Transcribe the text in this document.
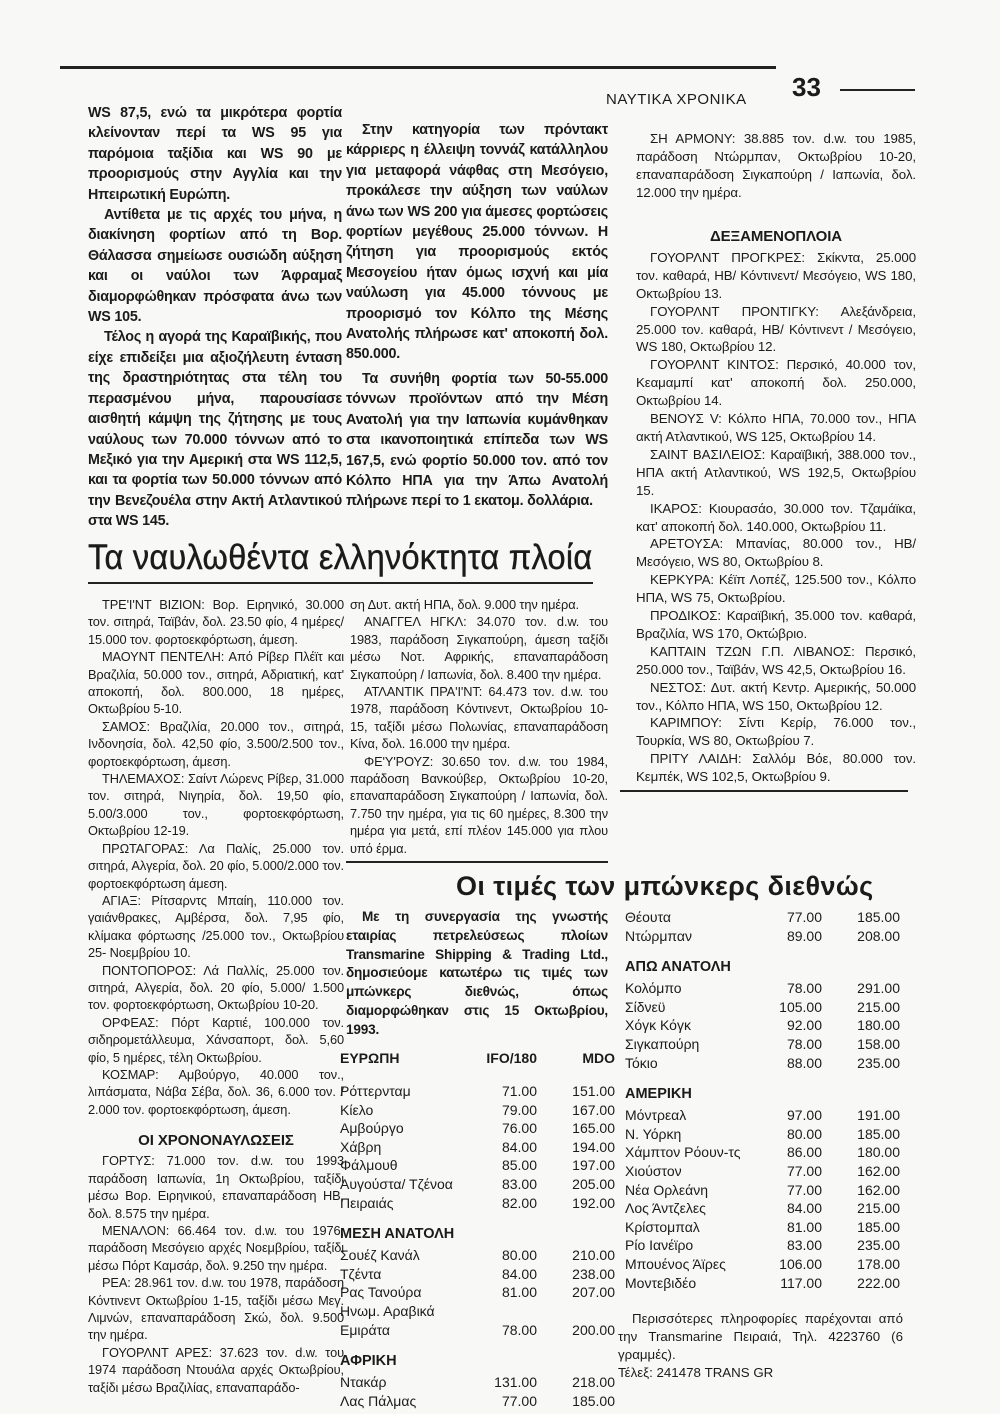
ΝΑΥΤΙΚΑ ΧΡΟΝΙΚΑ 33

WS 87,5, ενώ τα μικρότερα φορτία κλείνονταν περί τα WS 95 για παρόμοια ταξίδια και WS 90 με προορισμούς στην Αγγλία και την Ηπειρωτική Ευρώπη.

Αντίθετα με τις αρχές του μήνα, η διακίνηση φορτίων από τη Βορ. Θάλασσα σημείωσε ουσιώδη αύξηση και οι ναύλοι των Άφραμαξ διαμορφώθηκαν πρόσφατα άνω των WS 105.

Τέλος η αγορά της Καραϊβικής, που είχε επιδείξει μια αξιοζήλευτη ένταση της δραστηριότητας στα τέλη του περασμένου μήνα, παρουσίασε αισθητή κάμψη της ζήτησης με τους ναύλους των 70.000 τόννων από το Μεξικό για την Αμερική στα WS 112,5, και τα φορτία των 50.000 τόννων από την Βενεζουέλα στην Ακτή Ατλαντικού στα WS 145.

Στην κατηγορία των πρόντακτ κάρριερς η έλλειψη τοννάζ κατάλληλου για μεταφορά νάφθας στη Μεσόγειο, προκάλεσε την αύξηση των ναύλων άνω των WS 200 για άμεσες φορτώσεις φορτίων μεγέθους 25.000 τόννων. Η ζήτηση για προορισμούς εκτός Μεσογείου ήταν όμως ισχνή και μία ναύλωση για 45.000 τόννους με προορισμό τον Κόλπο της Μέσης Ανατολής πλήρωσε κατ' αποκοπή δολ. 850.000.

Τα συνήθη φορτία των 50-55.000 τόννων προϊόντων από την Μέση Ανατολή για την Ιαπωνία κυμάνθηκαν στα ικανοποιητικά επίπεδα των WS 167,5, ενώ φορτίο 50.000 τον. από τον Κόλπο ΗΠΑ για την Άπω Ανατολή πλήρωνε περί το 1 εκατομ. δολλάρια.

ΣΗ ΑΡΜΟΝΥ: 38.885 τον. d.w. του 1985, παράδοση Ντώρμπαν, Οκτωβρίου 10-20, επαναπαράδοση Σιγκαπούρη / Ιαπωνία, δολ. 12.000 την ημέρα.

ΔΕΞΑΜΕΝΟΠΛΟΙΑ

ΓΟΥΟΡΛΝΤ ΠΡΟΓΚΡΕΣ: Σκίκντα, 25.000 τον. καθαρά, ΗΒ/ Κόντινεντ/ Μεσόγειο, WS 180, Οκτωβρίου 13.

ΓΟΥΟΡΛΝΤ ΠΡΟΝΤΙΓΚΥ: Αλεξάνδρεια, 25.000 τον. καθαρά, ΗΒ/ Κόντινεντ / Μεσόγειο, WS 180, Οκτωβρίου 12.

ΓΟΥΟΡΛΝΤ ΚΙΝΤΟΣ: Περσικό, 40.000 τον, Κεαμαμπί κατ' αποκοπή δολ. 250.000, Οκτωβρίου 14.

ΒΕΝΟΥΣ V: Κόλπο ΗΠΑ, 70.000 τον., ΗΠΑ ακτή Ατλαντικού, WS 125, Οκτωβρίου 14.

ΣΑΙΝΤ ΒΑΣΙΛΕΙΟΣ: Καραϊβική, 388.000 τον., ΗΠΑ ακτή Ατλαντικού, WS 192,5, Οκτωβρίου 15.

ΙΚΑΡΟΣ: Κιουρασάο, 30.000 τον. Τζαμάϊκα, κατ' αποκοπή δολ. 140.000, Οκτωβρίου 11.

ΑΡΕΤΟΥΣΑ: Μπανίας, 80.000 τον., ΗΒ/ Μεσόγειο, WS 80, Οκτωβρίου 8.

ΚΕΡΚΥΡΑ: Κέϊπ Λοπέζ, 125.500 τον., Κόλπο ΗΠΑ, WS 75, Οκτωβρίου.

ΠΡΟΔΙΚΟΣ: Καραϊβική, 35.000 τον. καθαρά, Βραζιλία, WS 170, Οκτώβριο.

ΚΑΠΤΑΙΝ ΤΖΩΝ Γ.Π. ΛΙΒΑΝΟΣ: Περσικό, 250.000 τον., Ταϊβάν, WS 42,5, Οκτωβρίου 16.

ΝΕΣΤΟΣ: Δυτ. ακτή Κεντρ. Αμερικής, 50.000 τον., Κόλπο ΗΠΑ, WS 150, Οκτωβρίου 12.

ΚΑΡΙΜΠΟΥ: Σίντι Κερίρ, 76.000 τον., Τουρκία, WS 80, Οκτωβρίου 7.

ΠΡΙΤΥ ΛΑΙΔΗ: Σαλλόμ Βόε, 80.000 τον. Κεμπέκ, WS 102,5, Οκτωβρίου 9.

Τα ναυλωθέντα ελληνόκτητα πλοία

ΤΡΕ'Ι'ΝΤ ΒΙΖΙΟΝ: Βορ. Ειρηνικό, 30.000 τον. σιτηρά, Ταϊβάν, δολ. 23.50 φίο, 4 ημέρες/ 15.000 τον. φορτοεκφόρτωση, άμεση.

ΜΑΟΥΝΤ ΠΕΝΤΕΛΗ: Από Ρίβερ Πλέϊτ και Βραζιλία, 50.000 τον., σιτηρά, Αδριατική, κατ' αποκοπή, δολ. 800.000, 18 ημέρες, Οκτωβρίου 5-10.

ΣΑΜΟΣ: Βραζιλία, 20.000 τον., σιτηρά, Ινδονησία, δολ. 42,50 φίο, 3.500/2.500 τον., φορτοεκφόρτωση, άμεση.

ΤΗΛΕΜΑΧΟΣ: Σαίντ Λώρενς Ρίβερ, 31.000 τον. σιτηρά, Νιγηρία, δολ. 19,50 φίο, 5.00/3.000 τον., φορτοεκφόρτωση, Οκτωβρίου 12-19.

ΠΡΩΤΑΓΟΡΑΣ: Λα Παλίς, 25.000 τον. σιτηρά, Αλγερία, δολ. 20 φίο, 5.000/2.000 τον. φορτοεκφόρτωση άμεση.

ΑΓΙΑΞ: Ρίτσαρντς Μπαίη, 110.000 τον. γαιάνθρακες, Αμβέρσα, δολ. 7,95 φίο, κλίμακα φόρτωσης /25.000 τον., Οκτωβρίου 25- Νοεμβρίου 10.

ΠΟΝΤΟΠΟΡΟΣ: Λά Παλλίς, 25.000 τον. σιτηρά, Αλγερία, δολ. 20 φίο, 5.000/ 1.500 τον. φορτοεκφόρτωση, Οκτωβρίου 10-20.

ΟΡΦΕΑΣ: Πόρτ Καρτιέ, 100.000 τον. σιδηρομετάλλευμα, Χάνσαπορτ, δολ. 5,60 φίο, 5 ημέρες, τέλη Οκτωβρίου.

ΚΟΣΜΑΡ: Αμβούργο, 40.000 τον., λιπάσματα, Νάβα Σέβα, δολ. 36, 6.000 τον. / 2.000 τον. φορτοεκφόρτωση, άμεση.

ΟΙ ΧΡΟΝΟΝΑΥΛΩΣΕΙΣ

ΓΟΡΤΥΣ: 71.000 τον. d.w. του 1993 παράδοση Ιαπωνία, 1η Οκτωβρίου, ταξίδι μέσω Βορ. Ειρηνικού, επαναπαράδοση ΗΒ, δολ. 8.575 την ημέρα.

ΜΕΝΑΛΟΝ: 66.464 τον. d.w. του 1976, παράδοση Μεσόγειο αρχές Νοεμβρίου, ταξίδι μέσω Πόρτ Καμσάρ, δολ. 9.250 την ημέρα.

ΡΕΑ: 28.961 τον. d.w. του 1978, παράδοση Κόντινεντ Οκτωβρίου 1-15, ταξίδι μέσω Μεγ. Λιμνών, επαναπαράδοση Σκώ, δολ. 9.500 την ημέρα.

ΓΟΥΟΡΛΝΤ ΑΡΕΣ: 37.623 τον. d.w. του 1974 παράδοση Ντουάλα αρχές Οκτωβρίου, ταξίδι μέσω Βραζιλίας, επαναπαράδο-

ση Δυτ. ακτή ΗΠΑ, δολ. 9.000 την ημέρα.

ΑΝΑΓΓΕΛ ΗΓΚΛ: 34.070 τον. d.w. του 1983, παράδοση Σιγκαπούρη, άμεση ταξίδι μέσω Νοτ. Αφρικής, επαναπαράδοση Σιγκαπούρη / Ιαπωνία, δολ. 8.400 την ημέρα.

ΑΤΛΑΝΤΙΚ ΠΡΑ'Ι'ΝΤ: 64.473 τον. d.w. του 1978, παράδοση Κόντινεντ, Οκτωβρίου 10-15, ταξίδι μέσω Πολωνίας, επαναπαράδοση Κίνα, δολ. 16.000 την ημέρα.

ΦΕ'Υ'ΡΟΥΖ: 30.650 τον. d.w. του 1984, παράδοση Βανκούβερ, Οκτωβρίου 10-20, επαναπαράδοση Σιγκαπούρη / Ιαπωνία, δολ. 7.750 την ημέρα, για τις 60 ημέρες, 8.300 την ημέρα για μετά, επί πλέον 145.000 για πλου υπό έρμα.

Οι τιμές των μπώνκερς διεθνώς

Με τη συνεργασία της γνωστής εταιρίας πετρελεύσεως πλοίων Transmarine Shipping & Trading Ltd., δημοσιεύομε κατωτέρω τις τιμές των μπώνκερς διεθνώς, όπως διαμορφώθηκαν στις 15 Οκτωβρίου, 1993.

ΕΥΡΩΠΗ	IFO/180	MDO
Ρόττερνταμ	71.00	151.00
Κίελο	79.00	167.00
Αμβούργο	76.00	165.00
Χάβρη	84.00	194.00
Φάλμουθ	85.00	197.00
Αυγούστα/ Τζένοα	83.00	205.00
Πειραιάς	82.00	192.00
ΜΕΣΗ ΑΝΑΤΟΛΗ
Σουέζ Κανάλ	80.00	210.00
Τζέντα	84.00	238.00
Ρας Τανούρα	81.00	207.00
Ηνωμ. Αραβικά Εμιράτα	78.00	200.00
ΑΦΡΙΚΗ
Ντακάρ	131.00	218.00
Λας Πάλμας	77.00	185.00
Θέουτα	77.00	185.00
Ντώρμπαν	89.00	208.00
ΑΠΩ ΑΝΑΤΟΛΗ
Κολόμπο	78.00	291.00
Σίδνεϋ	105.00	215.00
Χόγκ Κόγκ	92.00	180.00
Σιγκαπούρη	78.00	158.00
Τόκιο	88.00	235.00
ΑΜΕΡΙΚΗ
Μόντρεαλ	97.00	191.00
Ν. Υόρκη	80.00	185.00
Χάμπτον Ρόουν-τς	86.00	180.00
Χιούστον	77.00	162.00
Νέα Ορλεάνη	77.00	162.00
Λος Άντζελες	84.00	215.00
Κρίστομπαλ	81.00	185.00
Ρίο Ιανέϊρο	83.00	235.00
Μπουένος Άϊρες	106.00	178.00
Μοντεβιδέο	117.00	222.00

Περισσότερες πληροφορίες παρέχονται από την Transmarine Πειραιά, Τηλ. 4223760 (6 γραμμές).

Τέλεξ: 241478 TRANS GR
